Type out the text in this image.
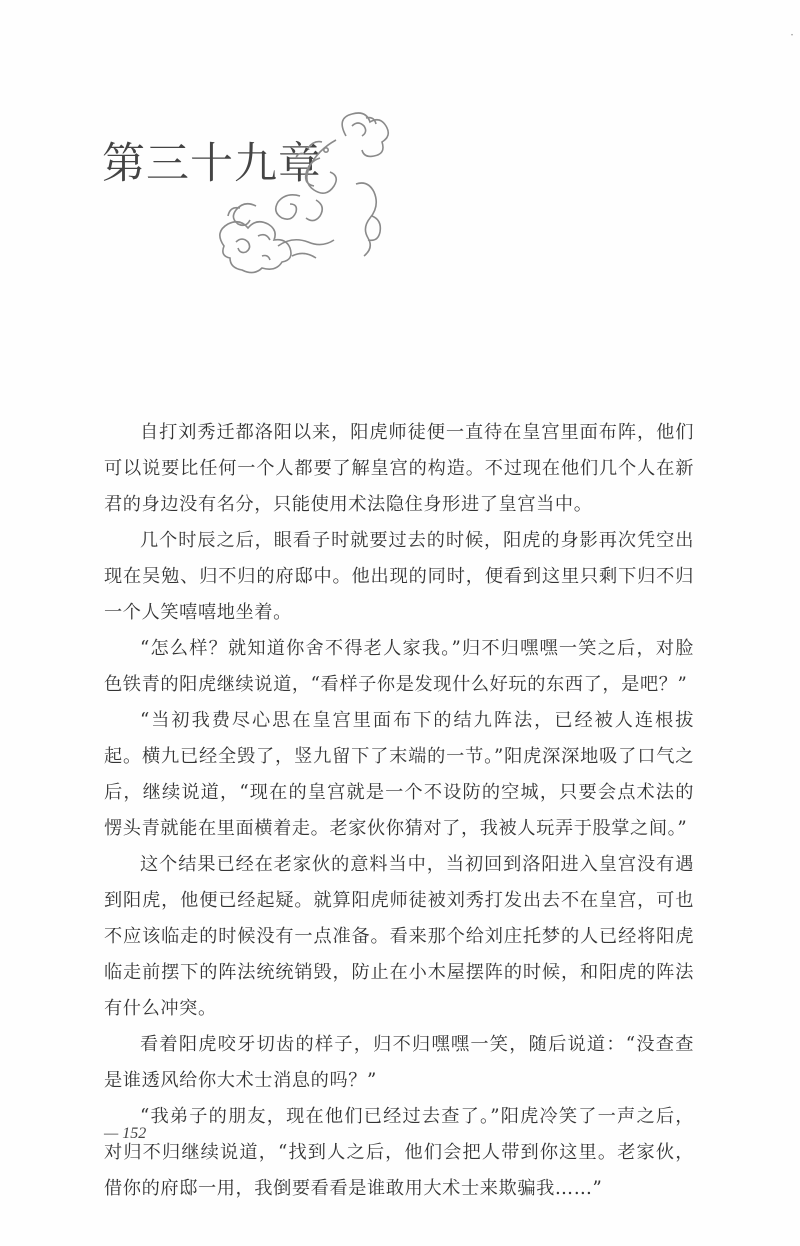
·
第三十九章

自打刘秀迁都洛阳以来，阳虎师徒便一直待在皇宫里面布阵，他们可以说要比任何一个人都要了解皇宫的构造。不过现在他们几个人在新君的身边没有名分，只能使用术法隐住身形进了皇宫当中。

几个时辰之后，眼看子时就要过去的时候，阳虎的身影再次凭空出现在吴勉、归不归的府邸中。他出现的同时，便看到这里只剩下归不归一个人笑嘻嘻地坐着。

“怎么样？就知道你舍不得老人家我。”归不归嘿嘿一笑之后，对脸色铁青的阳虎继续说道，“看样子你是发现什么好玩的东西了，是吧？”

“当初我费尽心思在皇宫里面布下的结九阵法，已经被人连根拔起。横九已经全毁了，竖九留下了末端的一节。”阳虎深深地吸了口气之后，继续说道，“现在的皇宫就是一个不设防的空城，只要会点术法的愣头青就能在里面横着走。老家伙你猜对了，我被人玩弄于股掌之间。”

这个结果已经在老家伙的意料当中，当初回到洛阳进入皇宫没有遇到阳虎，他便已经起疑。就算阳虎师徒被刘秀打发出去不在皇宫，可也不应该临走的时候没有一点准备。看来那个给刘庄托梦的人已经将阳虎临走前摆下的阵法统统销毁，防止在小木屋摆阵的时候，和阳虎的阵法有什么冲突。

看着阳虎咬牙切齿的样子，归不归嘿嘿一笑，随后说道：“没查查是谁透风给你大术士消息的吗？”

“我弟子的朋友，现在他们已经过去查了。”阳虎冷笑了一声之后，对归不归继续说道，“找到人之后，他们会把人带到你这里。老家伙，借你的府邸一用，我倒要看看是谁敢用大术士来欺骗我……”

— 152
